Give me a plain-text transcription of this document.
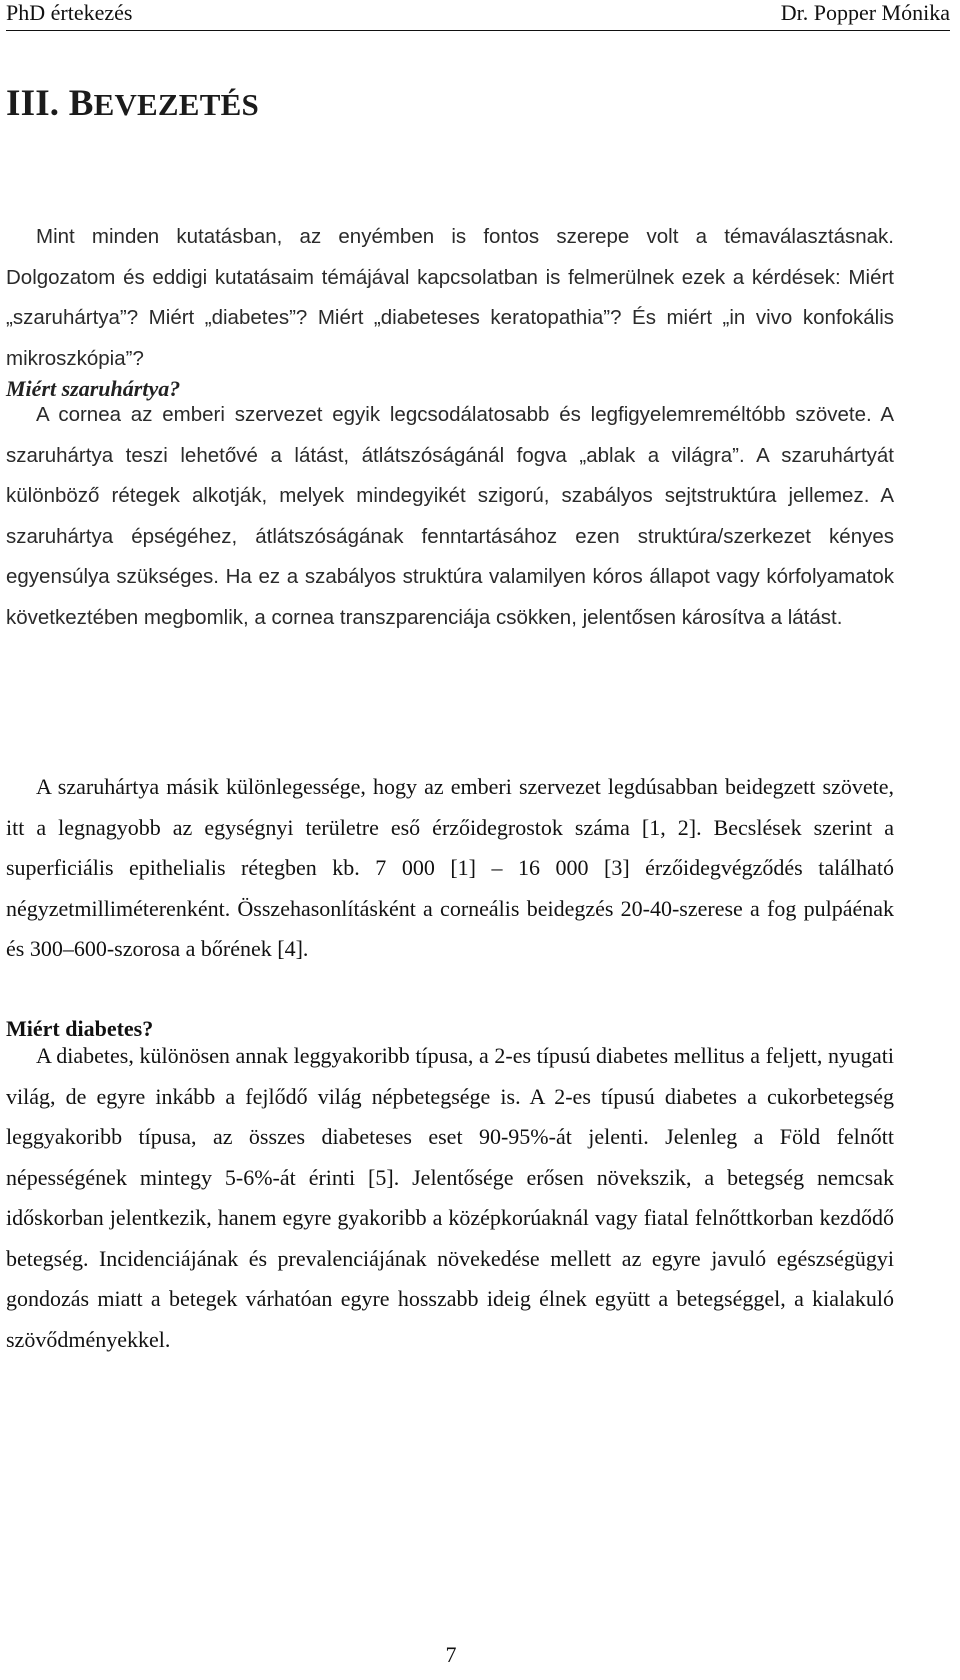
PhD értekezés	Dr. Popper Mónika
III. BEVEZETÉS

Mint minden kutatásban, az enyémben is fontos szerepe volt a témaválasztásnak. Dolgozatom és eddigi kutatásaim témájával kapcsolatban is felmerülnek ezek a kérdések: Miért „szaruhártya”? Miért „diabetes”? Miért „diabeteses keratopathia”? És miért „in vivo konfokális mikroszkópia”?

Miért szaruhártya?

A cornea az emberi szervezet egyik legcsodálatosabb és legfigyelemreméltóbb szövete. A szaruhártya teszi lehetővé a látást, átlátszóságánál fogva „ablak a világra”. A szaruhártyát különböző rétegek alkotják, melyek mindegyikét szigorú, szabályos sejtstruktúra jellemez. A szaruhártya épségéhez, átlátszóságának fenntartásához ezen struktúra/szerkezet kényes egyensúlya szükséges. Ha ez a szabályos struktúra valamilyen kóros állapot vagy kórfolyamatok következtében megbomlik, a cornea transzparenciája csökken, jelentősen károsítva a látást.

A szaruhártya másik különlegessége, hogy az emberi szervezet legdúsabban beidegzett szövete, itt a legnagyobb az egységnyi területre eső érzőidegrostok száma [1, 2]. Becslések szerint a superficiális epithelialis rétegben kb. 7 000 [1] – 16 000 [3] érzőidegvégződés található négyzetmilliméterenként. Összehasonlításként a corneális beidegzés 20-40-szerese a fog pulpáénak és 300–600-szorosa a bőrének [4].

Miért diabetes?

A diabetes, különösen annak leggyakoribb típusa, a 2-es típusú diabetes mellitus a feljett, nyugati világ, de egyre inkább a fejlődő világ népbetegsége is. A 2-es típusú diabetes a cukorbetegség leggyakoribb típusa, az összes diabeteses eset 90-95%-át jelenti. Jelenleg a Föld felnőtt népességének mintegy 5-6%-át érinti [5]. Jelentősége erősen növekszik, a betegség nemcsak időskorban jelentkezik, hanem egyre gyakoribb a középkorúaknál vagy fiatal felnőttkorban kezdődő betegség. Incidenciájának és prevalenciájának növekedése mellett az egyre javuló egészségügyi gondozás miatt a betegek várhatóan egyre hosszabb ideig élnek együtt a betegséggel, a kialakuló szövődményekkel.

7
